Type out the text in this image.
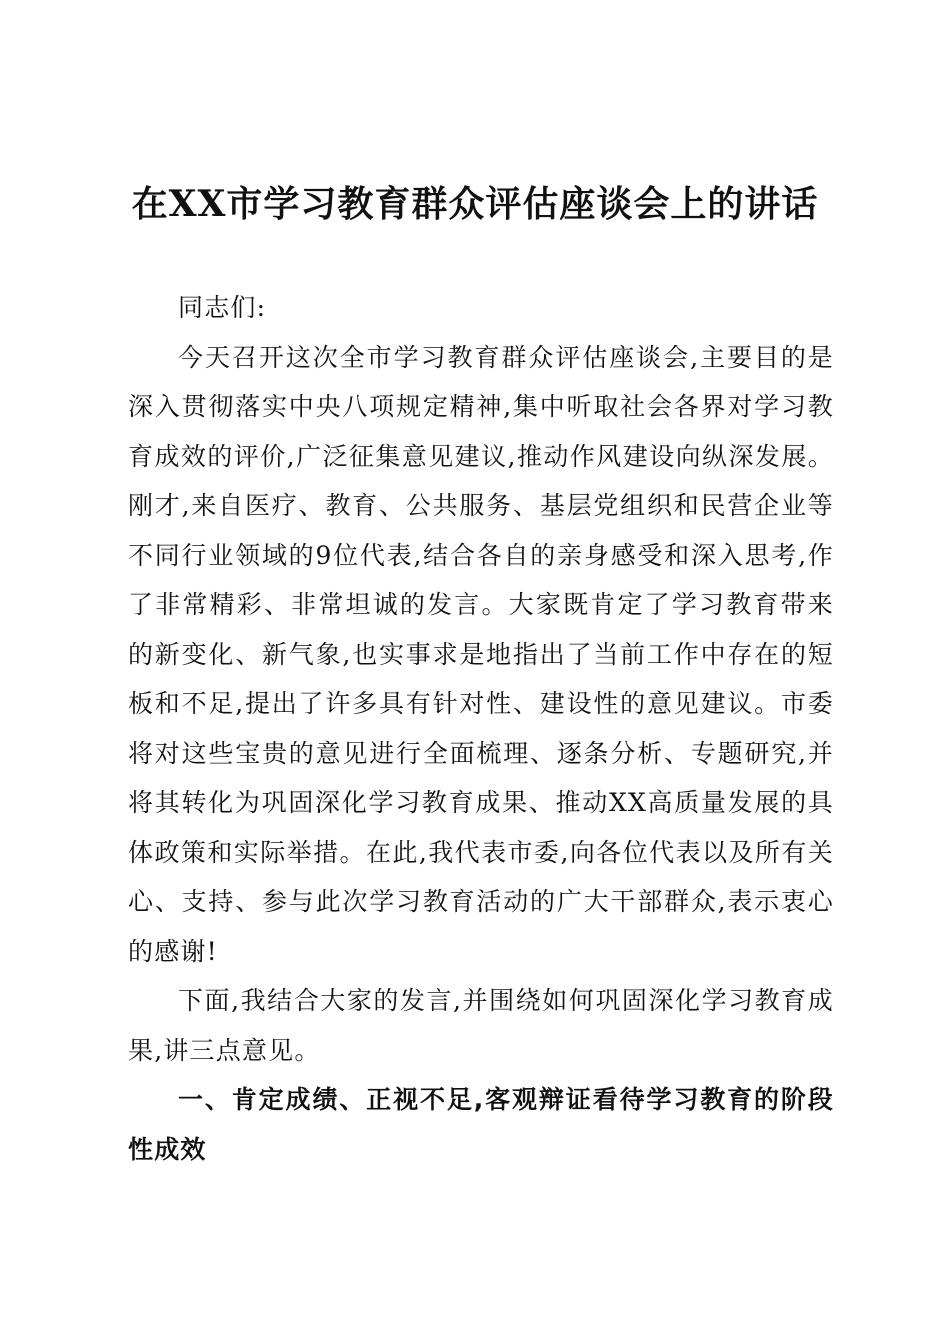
在XX市学习教育群众评估座谈会上的讲话

同志们:

今天召开这次全市学习教育群众评估座谈会,主要目的是深入贯彻落实中央八项规定精神,集中听取社会各界对学习教育成效的评价,广泛征集意见建议,推动作风建设向纵深发展。刚才,来自医疗、教育、公共服务、基层党组织和民营企业等不同行业领域的9位代表,结合各自的亲身感受和深入思考,作了非常精彩、非常坦诚的发言。大家既肯定了学习教育带来的新变化、新气象,也实事求是地指出了当前工作中存在的短板和不足,提出了许多具有针对性、建设性的意见建议。市委将对这些宝贵的意见进行全面梳理、逐条分析、专题研究,并将其转化为巩固深化学习教育成果、推动XX高质量发展的具体政策和实际举措。在此,我代表市委,向各位代表以及所有关心、支持、参与此次学习教育活动的广大干部群众,表示衷心的感谢!

下面,我结合大家的发言,并围绕如何巩固深化学习教育成果,讲三点意见。

一、肯定成绩、正视不足,客观辩证看待学习教育的阶段性成效
